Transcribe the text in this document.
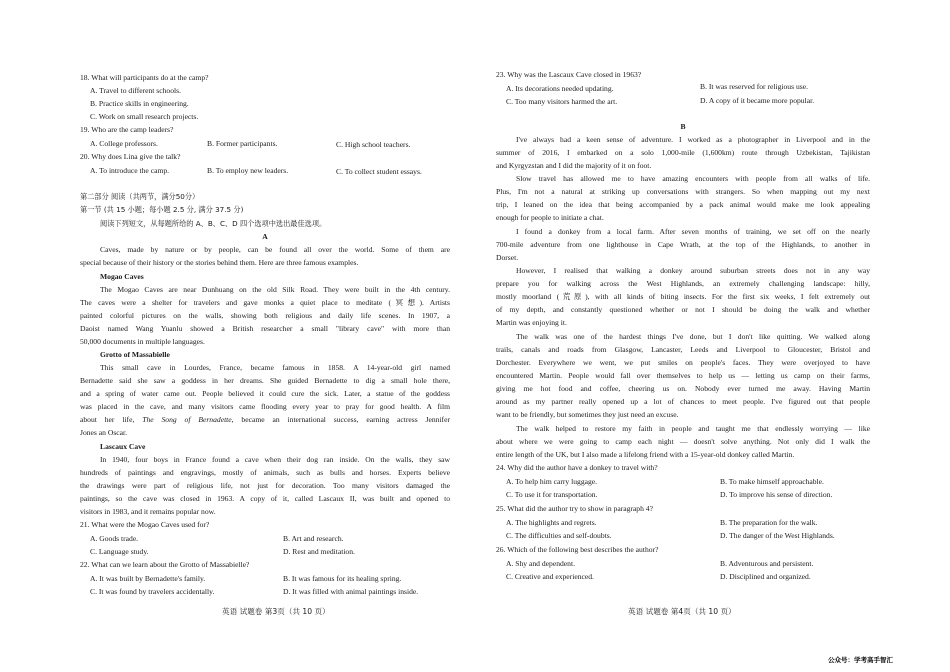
18. What will participants do at the camp?
A. Travel to different schools.
B. Practice skills in engineering.
C. Work on small research projects.
19. Who are the camp leaders?
A. College professors.	B. Former participants.	C. High school teachers.
20. Why does Lina give the talk?
A. To introduce the camp.	B. To employ new leaders.	C. To collect student essays.
第二部分 阅读（共两节，满分50分）
第一节 (共 15 小题；每小题 2.5 分, 满分 37.5 分)
阅读下列短文，从每题所给的 A、B、C、D 四个选项中选出最佳选项。
A
Caves, made by nature or by people, can be found all over the world. Some of them are
special because of their history or the stories behind them. Here are three famous examples.
Mogao Caves
The Mogao Caves are near Dunhuang on the old Silk Road. They were built in the 4th century.
The caves were a shelter for travelers and gave monks a quiet place to meditate (冥想). Artists
painted colorful pictures on the walls, showing both religious and daily life scenes. In 1907, a
Daoist named Wang Yuanlu showed a British researcher a small "library cave" with more than
50,000 documents in multiple languages.
Grotto of Massabielle
This small cave in Lourdes, France, became famous in 1858. A 14-year-old girl named
Bernadette said she saw a goddess in her dreams. She guided Bernadette to dig a small hole there,
and a spring of water came out. People believed it could cure the sick. Later, a statue of the goddess
was placed in the cave, and many visitors came flooding every year to pray for good health. A film
about her life, The Song of Bernadette, became an international success, earning actress Jennifer
Jones an Oscar.
Lascaux Cave
In 1940, four boys in France found a cave when their dog ran inside. On the walls, they saw
hundreds of paintings and engravings, mostly of animals, such as bulls and horses. Experts believe
the drawings were part of religious life, not just for decoration. Too many visitors damaged the
paintings, so the cave was closed in 1963. A copy of it, called Lascaux II, was built and opened to
visitors in 1983, and it remains popular now.
21. What were the Mogao Caves used for?
A. Goods trade.	B. Art and research.
C. Language study.	D. Rest and meditation.
22. What can we learn about the Grotto of Massabielle?
A. It was built by Bernadette's family.	B. It was famous for its healing spring.
C. It was found by travelers accidentally.	D. It was filled with animal paintings inside.
英语 试题卷 第3页（共 10 页）
23. Why was the Lascaux Cave closed in 1963?
A. Its decorations needed updating.	B. It was reserved for religious use.
C. Too many visitors harmed the art.	D. A copy of it became more popular.
B
I've always had a keen sense of adventure. I worked as a photographer in Liverpool and in the
summer of 2016, I embarked on a solo 1,000-mile (1,600km) route through Uzbekistan, Tajikistan
and Kyrgyzstan and I did the majority of it on foot.
Slow travel has allowed me to have amazing encounters with people from all walks of life.
Plus, I'm not a natural at striking up conversations with strangers. So when mapping out my next
trip, I leaned on the idea that being accompanied by a pack animal would make me look appealing
enough for people to initiate a chat.
I found a donkey from a local farm. After seven months of training, we set off on the nearly
700-mile adventure from one lighthouse in Cape Wrath, at the top of the Highlands, to another in
Dorset.
However, I realised that walking a donkey around suburban streets does not in any way
prepare you for walking across the West Highlands, an extremely challenging landscape: hilly,
mostly moorland (荒原), with all kinds of biting insects. For the first six weeks, I felt extremely out
of my depth, and constantly questioned whether or not I should be doing the walk and whether
Martin was enjoying it.
The walk was one of the hardest things I've done, but I don't like quitting. We walked along
trails, canals and roads from Glasgow, Lancaster, Leeds and Liverpool to Gloucester, Bristol and
Dorchester. Everywhere we went, we put smiles on people's faces. They were overjoyed to have
encountered Martin. People would fall over themselves to help us — letting us camp on their farms,
giving me hot food and coffee, cheering us on. Nobody ever turned me away. Having Martin
around as my partner really opened up a lot of chances to meet people. I've figured out that people
want to be friendly, but sometimes they just need an excuse.
The walk helped to restore my faith in people and taught me that endlessly worrying — like
about where we were going to camp each night — doesn't solve anything. Not only did I walk the
entire length of the UK, but I also made a lifelong friend with a 15-year-old donkey called Martin.
24. Why did the author have a donkey to travel with?
A. To help him carry luggage.	B. To make himself approachable.
C. To use it for transportation.	D. To improve his sense of direction.
25. What did the author try to show in paragraph 4?
A. The highlights and regrets.	B. The preparation for the walk.
C. The difficulties and self-doubts.	D. The danger of the West Highlands.
26. Which of the following best describes the author?
A. Shy and dependent.	B. Adventurous and persistent.
C. Creative and experienced.	D. Disciplined and organized.
英语 试题卷 第4页（共 10 页）
公众号：学考高手智汇
